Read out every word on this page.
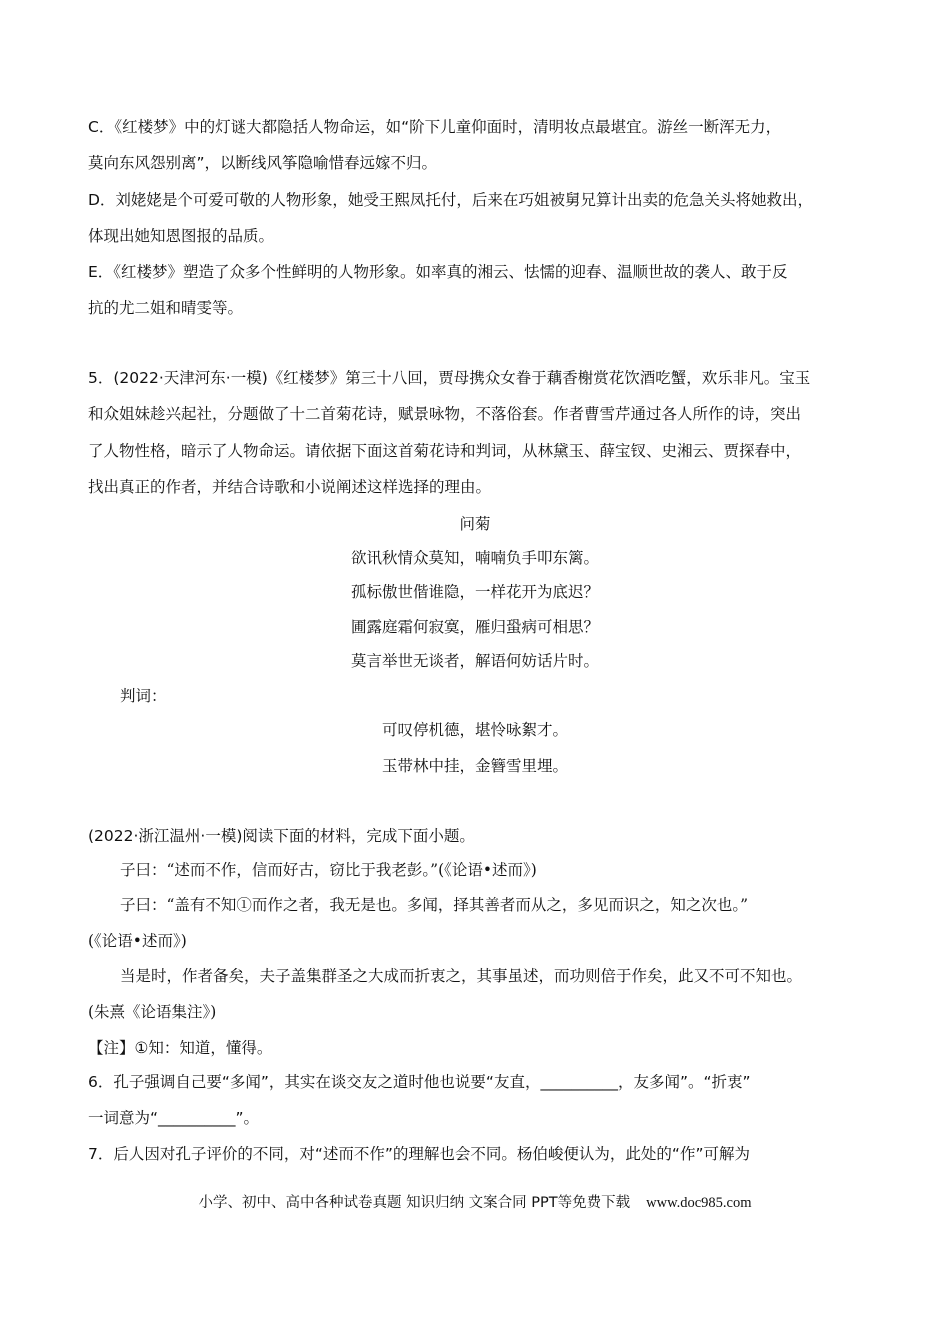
C．《红楼梦》中的灯谜大都隐括人物命运，如“阶下儿童仰面时，清明妆点最堪宜。游丝一断浑无力，
莫向东风怨别离”，以断线风筝隐喻惜春远嫁不归。
D．刘姥姥是个可爱可敬的人物形象，她受王熙凤托付，后来在巧姐被舅兄算计出卖的危急关头将她救出，
体现出她知恩图报的品质。
E．《红楼梦》塑造了众多个性鲜明的人物形象。如率真的湘云、怯懦的迎春、温顺世故的袭人、敢于反
抗的尤二姐和晴雯等。
5．(2022·天津河东·一模)《红楼梦》第三十八回，贾母携众女眷于藕香榭赏花饮酒吃蟹，欢乐非凡。宝玉
和众姐妹趁兴起社，分题做了十二首菊花诗，赋景咏物，不落俗套。作者曹雪芹通过各人所作的诗，突出
了人物性格，暗示了人物命运。请依据下面这首菊花诗和判词，从林黛玉、薛宝钗、史湘云、贾探春中，
找出真正的作者，并结合诗歌和小说阐述这样选择的理由。
问菊
欲讯秋情众莫知，喃喃负手叩东篱。
孤标傲世偕谁隐，一样花开为底迟？
圃露庭霜何寂寞，雁归蛩病可相思？
莫言举世无谈者，解语何妨话片时。
判词：
可叹停机德，堪怜咏絮才。
玉带林中挂，金簪雪里埋。
(2022·浙江温州·一模)阅读下面的材料，完成下面小题。
子曰：“述而不作，信而好古，窃比于我老彭。”(《论语•述而》)
子曰：“盖有不知①而作之者，我无是也。多闻，择其善者而从之，多见而识之，知之次也。”
(《论语•述而》)
当是时，作者备矣，夫子盖集群圣之大成而折衷之，其事虽述，而功则倍于作矣，此又不可不知也。
(朱熹《论语集注》)
【注】①知：知道，懂得。
6．孔子强调自己要“多闻”，其实在谈交友之道时他也说要“友直，__________，友多闻”。“折衷”
一词意为“__________”。
7．后人因对孔子评价的不同，对“述而不作”的理解也会不同。杨伯峻便认为，此处的“作”可解为
小学、初中、高中各种试卷真题 知识归纳 文案合同 PPT等免费下载 www.doc985.com
